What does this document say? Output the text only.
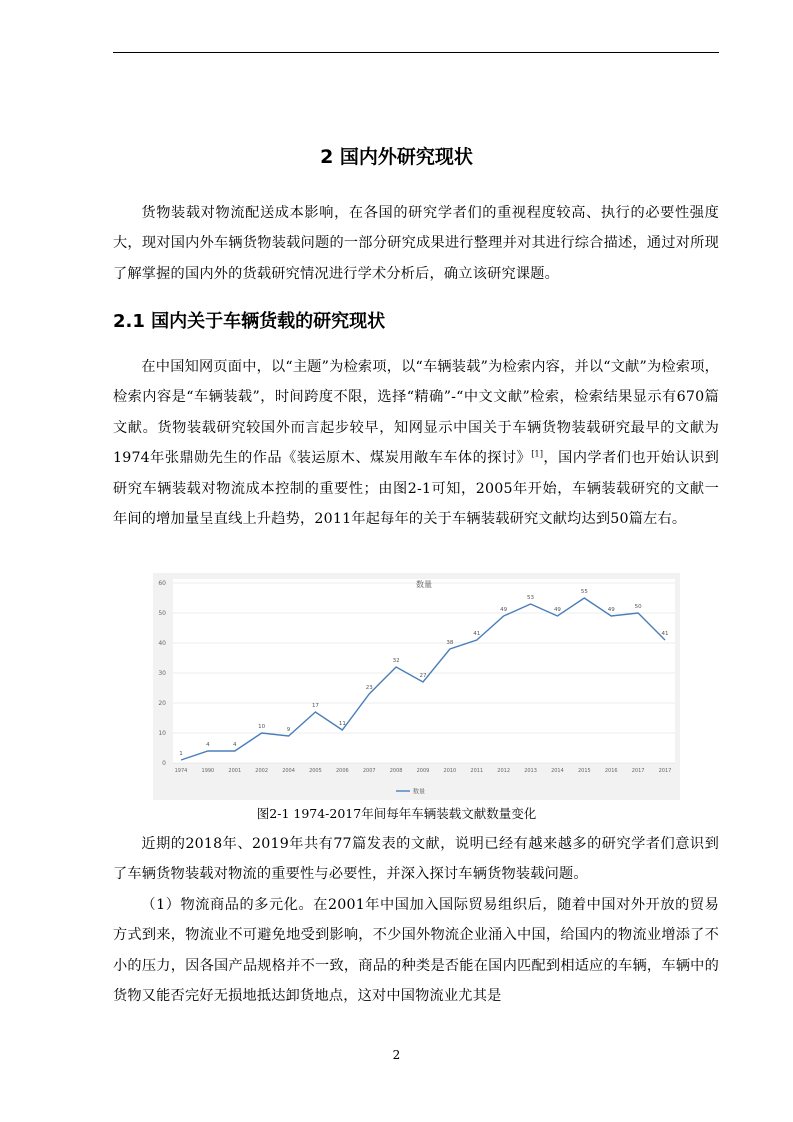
2 国内外研究现状

货物装载对物流配送成本影响，在各国的研究学者们的重视程度较高、执行的必要性强度大，现对国内外车辆货物装载问题的一部分研究成果进行整理并对其进行综合描述，通过对所现了解掌握的国内外的货载研究情况进行学术分析后，确立该研究课题。

2.1 国内关于车辆货载的研究现状

在中国知网页面中，以“主题”为检索项，以“车辆装载”为检索内容，并以“文献”为检索项，检索内容是“车辆装载”，时间跨度不限，选择“精确”-“中文文献”检索，检索结果显示有670篇文献。货物装载研究较国外而言起步较早，知网显示中国关于车辆货物装载研究最早的文献为1974年张鼎勋先生的作品《装运原木、煤炭用敞车车体的探讨》[1]，国内学者们也开始认识到研究车辆装载对物流成本控制的重要性；由图2-1可知，2005年开始，车辆装载研究的文献一年间的增加量呈直线上升趋势，2011年起每年的关于车辆装载研究文献均达到50篇左右。

0
10
20
30
40
50
60	数量
1
4	4
10	9
17
11
23
32
27
38
41
49
53
49
55
49	50
41
1974	1990	2001	2002	2004	2005	2006	2007	2008	2009	2010	2011	2012	2013	2014	2015	2016	2017	2017
数量

图2-1 1974-2017年间每年车辆装载文献数量变化

近期的2018年、2019年共有77篇发表的文献，说明已经有越来越多的研究学者们意识到了车辆货物装载对物流的重要性与必要性，并深入探讨车辆货物装载问题。

（1）物流商品的多元化。在2001年中国加入国际贸易组织后，随着中国对外开放的贸易方式到来，物流业不可避免地受到影响，不少国外物流企业涌入中国，给国内的物流业增添了不小的压力，因各国产品规格并不一致，商品的种类是否能在国内匹配到相适应的车辆，车辆中的货物又能否完好无损地抵达卸货地点，这对中国物流业尤其是

2
